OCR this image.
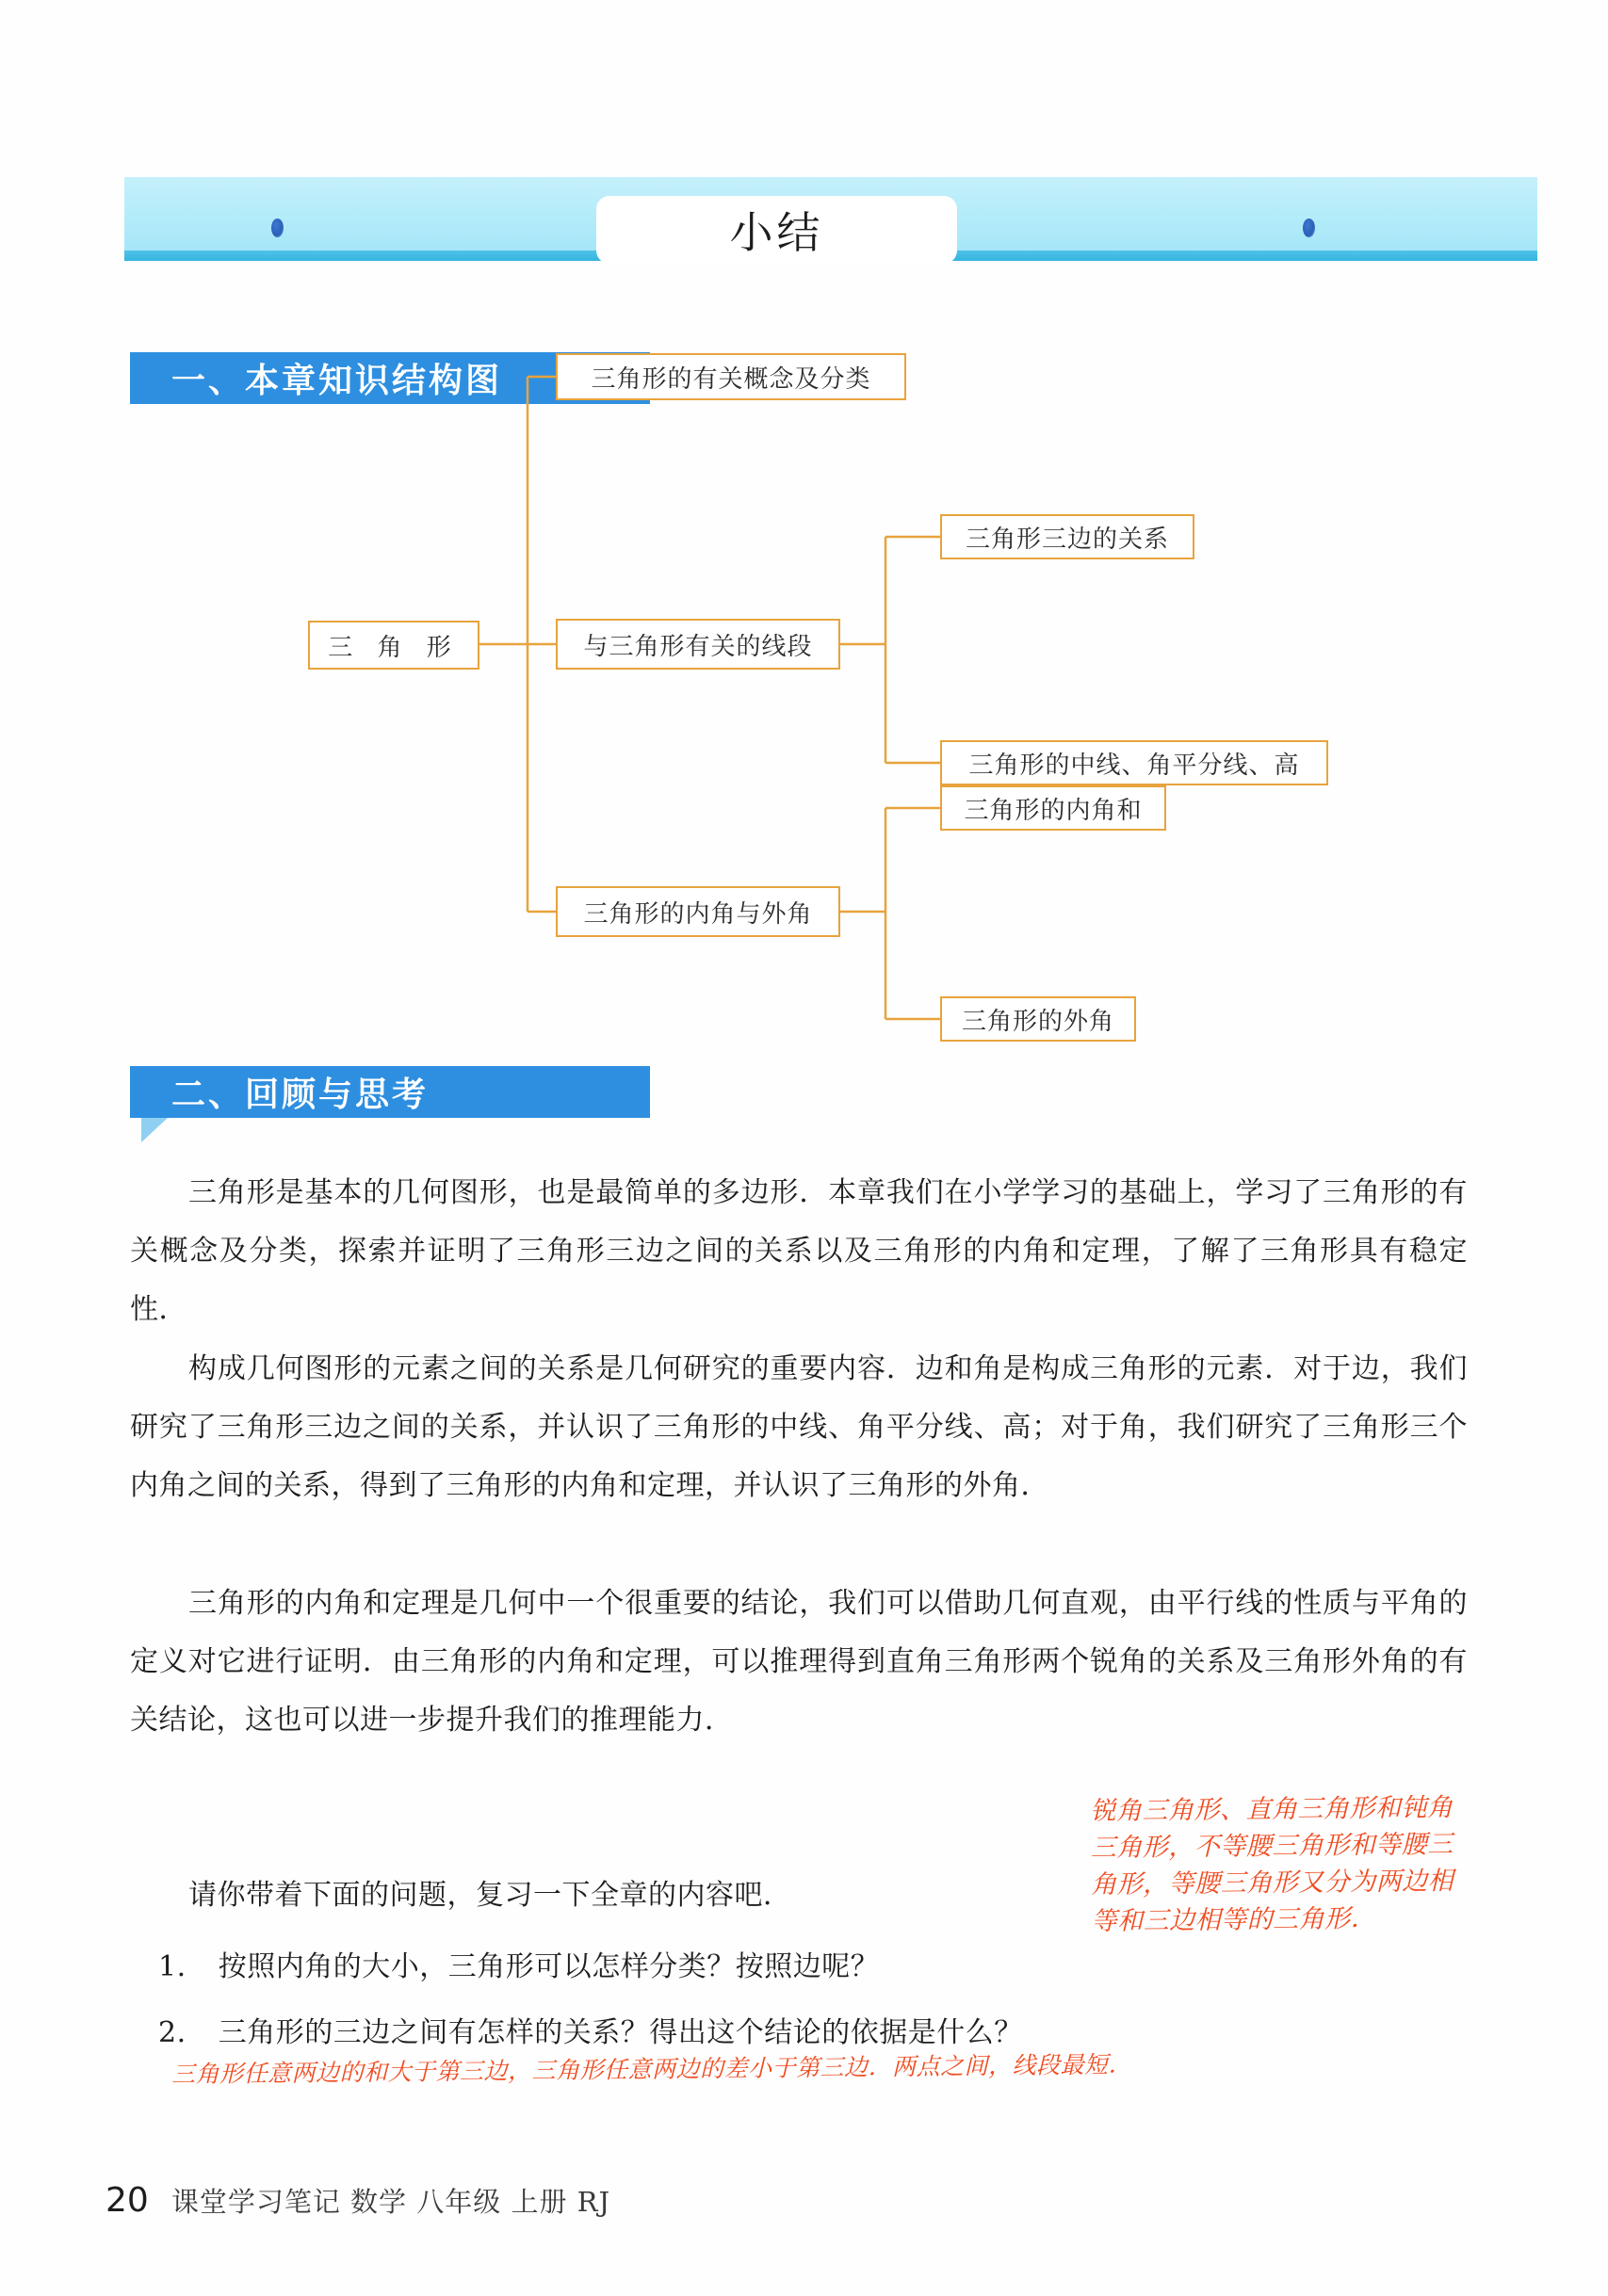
小结
一、本章知识结构图
三 角 形
三角形的有关概念及分类
与三角形有关的线段
三角形的内角与外角
三角形三边的关系
三角形的中线、角平分线、高
三角形的内角和
三角形的外角
二、回顾与思考
三角形是基本的几何图形，也是最简单的多边形．本章我们在小学学习的基础上，学习了三角形的有关概念及分类，探索并证明了三角形三边之间的关系以及三角形的内角和定理，了解了三角形具有稳定性．
构成几何图形的元素之间的关系是几何研究的重要内容．边和角是构成三角形的元素．对于边，我们研究了三角形三边之间的关系，并认识了三角形的中线、角平分线、高；对于角，我们研究了三角形三个内角之间的关系，得到了三角形的内角和定理，并认识了三角形的外角．
三角形的内角和定理是几何中一个很重要的结论，我们可以借助几何直观，由平行线的性质与平角的定义对它进行证明．由三角形的内角和定理，可以推理得到直角三角形两个锐角的关系及三角形外角的有关结论，这也可以进一步提升我们的推理能力．
请你带着下面的问题，复习一下全章的内容吧．
1. 按照内角的大小，三角形可以怎样分类？按照边呢？
2. 三角形的三边之间有怎样的关系？得出这个结论的依据是什么？
锐角三角形、直角三角形和钝角三角形，不等腰三角形和等腰三角形，等腰三角形又分为两边相等和三边相等的三角形．
三角形任意两边的和大于第三边，三角形任意两边的差小于第三边．两点之间，线段最短．
20 课堂学习笔记 数学 八年级 上册 RJ
